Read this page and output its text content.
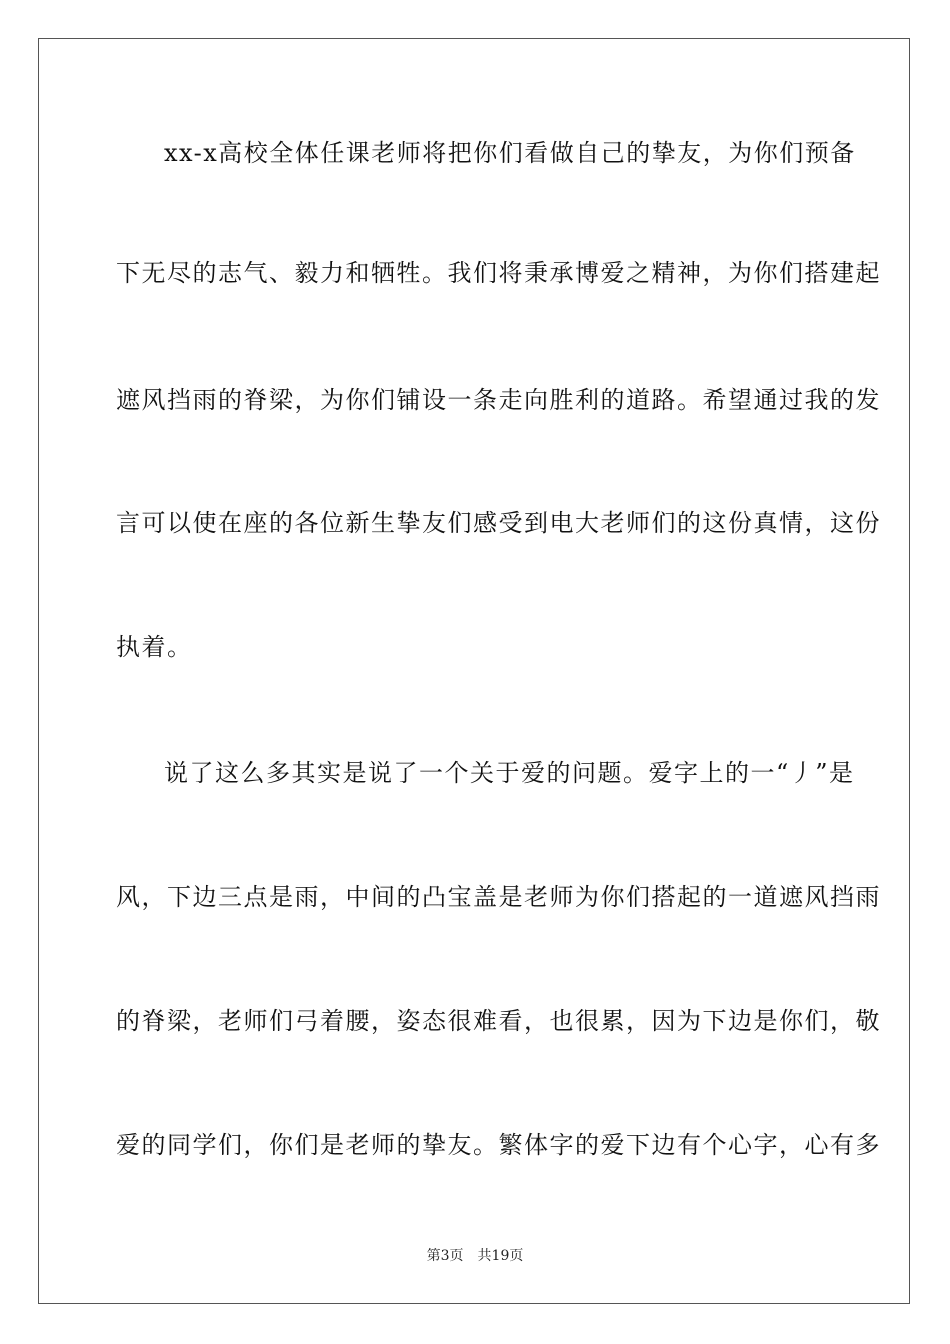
xx-x高校全体任课老师将把你们看做自己的挚友，为你们预备
下无尽的志气、毅力和牺牲。我们将秉承博爱之精神，为你们搭建起
遮风挡雨的脊梁，为你们铺设一条走向胜利的道路。希望通过我的发
言可以使在座的各位新生挚友们感受到电大老师们的这份真情，这份
执着。
说了这么多其实是说了一个关于爱的问题。爱字上的一“丿”是
风，下边三点是雨，中间的凸宝盖是老师为你们搭起的一道遮风挡雨
的脊梁，老师们弓着腰，姿态很难看，也很累，因为下边是你们，敬
爱的同学们，你们是老师的挚友。繁体字的爱下边有个心字，心有多
第3页 共19页
